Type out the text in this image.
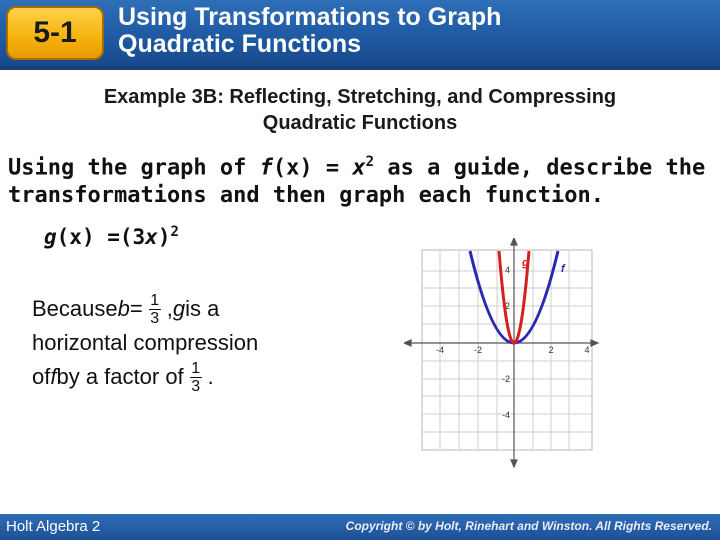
5-1	Using Transformations to Graph
Quadratic Functions
Example 3B: Reflecting, Stretching, and Compressing
Quadratic Functions
Using the graph of $f(x) = x^2$ as a guide, describe the
transformations and then graph each function.
$g(x) =(3x)^2$
Because $b = \frac{1}{3}$ , g is a
horizontal compression
of f by a factor of $\frac{1}{3}$ .
-4	-2	2	4
4
2
-2
-4
g	f
Holt Algebra 2	Copyright © by Holt, Rinehart and Winston. All Rights Reserved.
